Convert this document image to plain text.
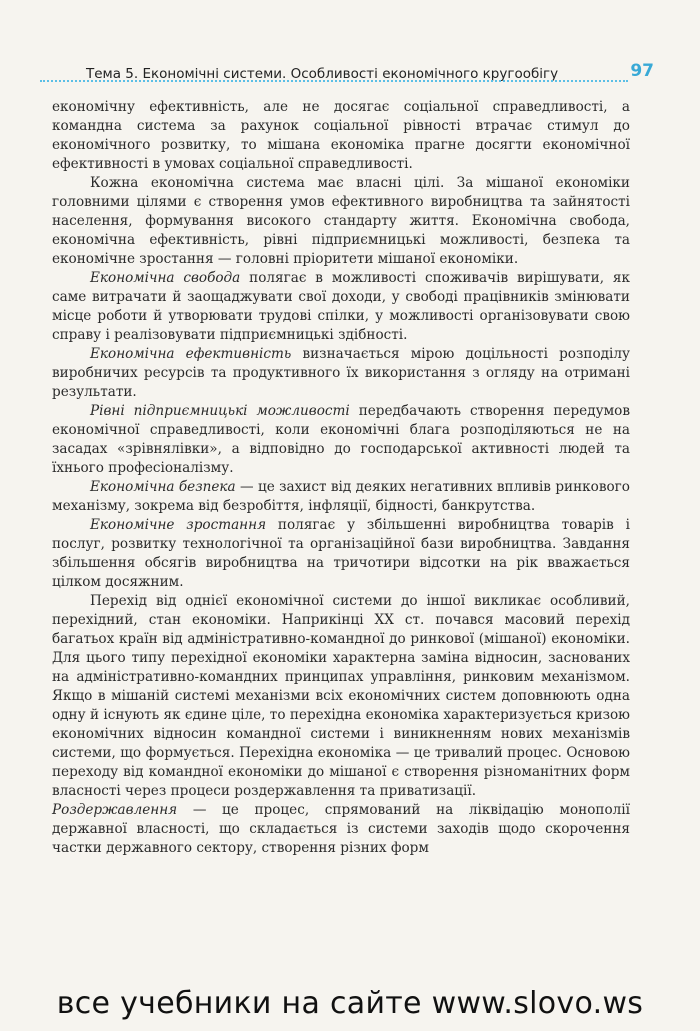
Тема 5. Економічні системи. Особливості економічного кругообігу	97

економічну ефективність, але не досягає соціальної справедливості, а командна система за рахунок соціальної рівності втрачає стимул до економічного розвитку, то мішана економіка прагне досягти економічної ефективності в умовах соціальної справедливості.

Кожна економічна система має власні цілі. За мішаної економіки головними цілями є створення умов ефективного виробництва та зайнятості населення, формування високого стандарту життя. Економічна свобода, економічна ефективність, рівні підприємницькі можливості, безпека та економічне зростання — головні пріоритети мішаної економіки.

Економічна свобода полягає в можливості споживачів вирішувати, як саме витрачати й заощаджувати свої доходи, у свободі працівників змінювати місце роботи й утворювати трудові спілки, у можливості організовувати свою справу і реалізовувати підприємницькі здібності.

Економічна ефективність визначається мірою доцільності розподілу виробничих ресурсів та продуктивного їх використання з огляду на отримані результати.

Рівні підприємницькі можливості передбачають створення передумов економічної справедливості, коли економічні блага розподіляються не на засадах «зрівнялівки», а відповідно до господарської активності людей та їхнього професіоналізму.

Економічна безпека — це захист від деяких негативних впливів ринкового механізму, зокрема від безробіття, інфляції, бідності, банкрутства.

Економічне зростання полягає у збільшенні виробництва товарів і послуг, розвитку технологічної та організаційної бази виробництва. Завдання збільшення обсягів виробництва на тричотири відсотки на рік вважається цілком досяжним.

Перехід від однієї економічної системи до іншої викликає особливий, перехідний, стан економіки. Наприкінці XX ст. почався масовий перехід багатьох країн від адміністративно-командної до ринкової (мішаної) економіки. Для цього типу перехідної економіки характерна заміна відносин, заснованих на адміністративно-командних принципах управління, ринковим механізмом. Якщо в мішаній системі механізми всіх економічних систем доповнюють одна одну й існують як єдине ціле, то перехідна економіка характеризується кризою економічних відносин командної системи і виникненням нових механізмів системи, що формується. Перехідна економіка — це тривалий процес. Основою переходу від командної економіки до мішаної є створення різноманітних форм власності через процеси роздержавлення та приватизації.

Роздержавлення — це процес, спрямований на ліквідацію монополії державної власності, що складається із системи заходів щодо скорочення частки державного сектору, створення різних форм

все учебники на сайте www.slovo.ws
